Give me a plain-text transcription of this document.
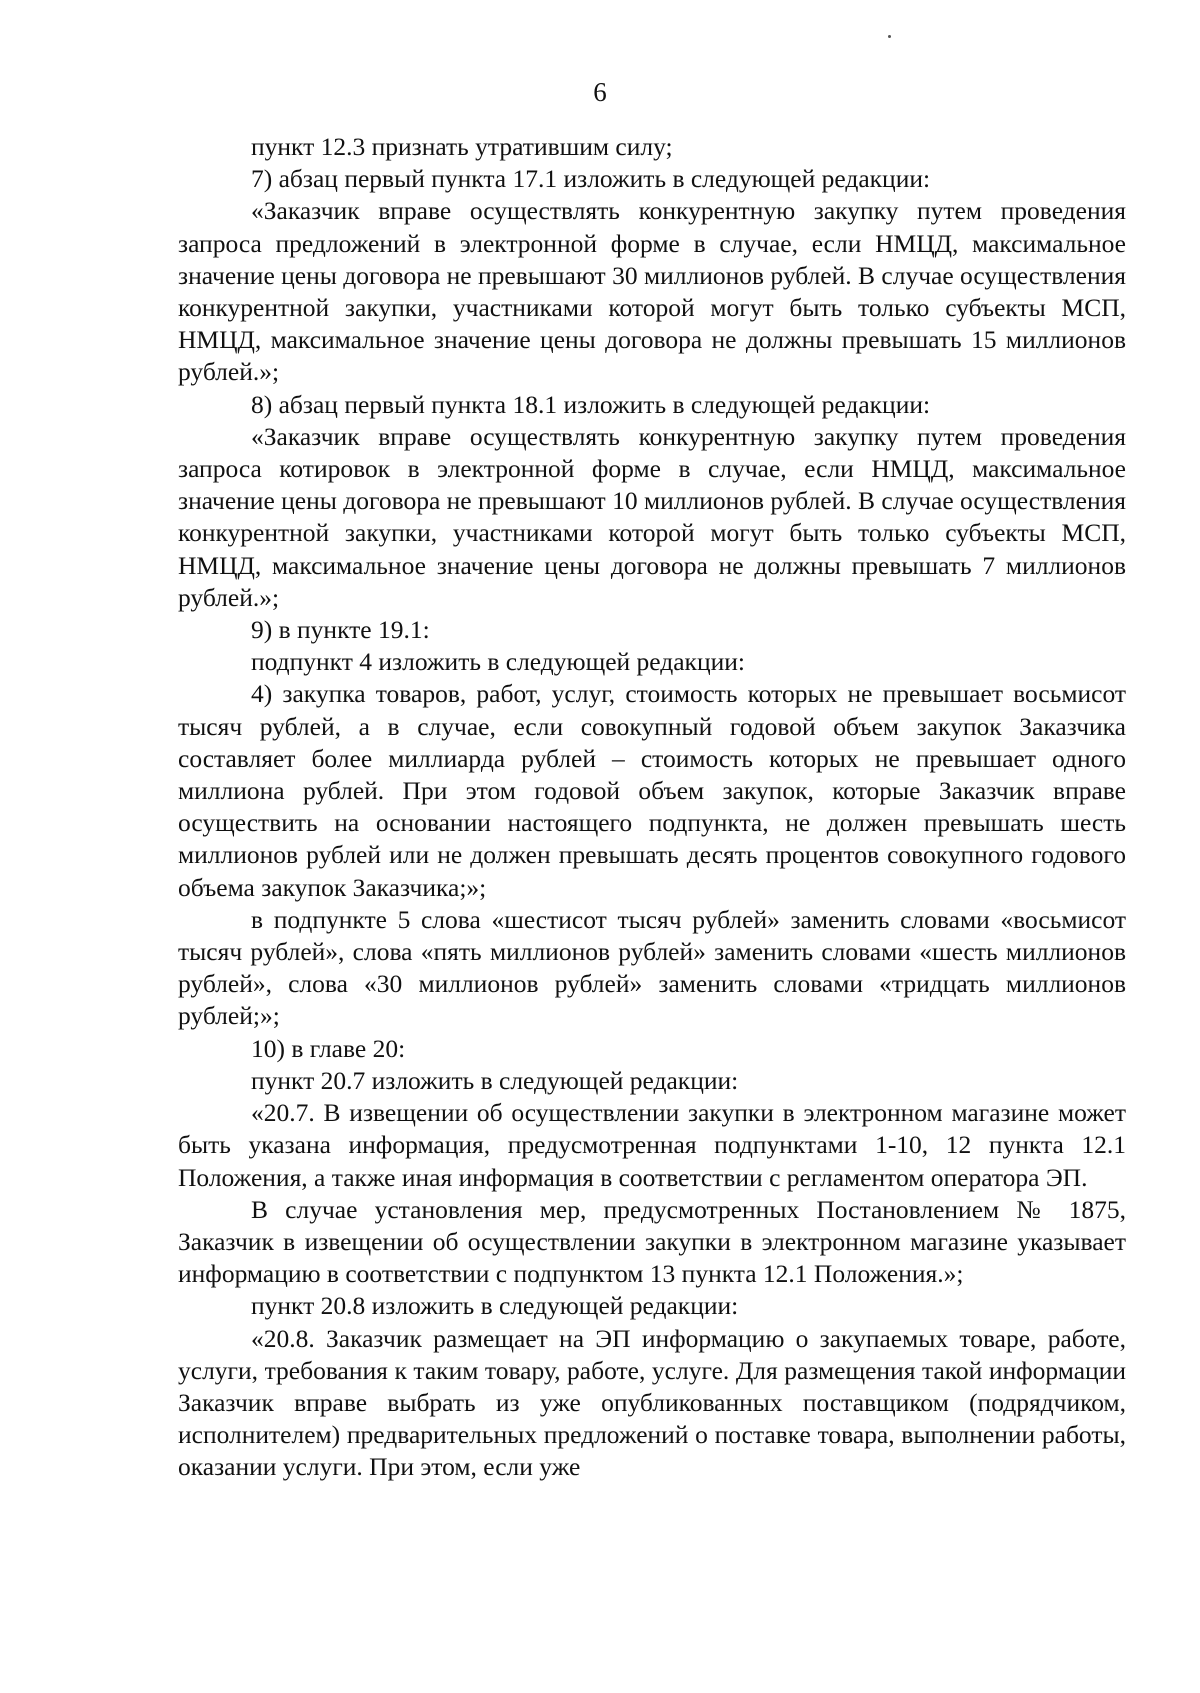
6

пункт 12.3 признать утратившим силу;

7) абзац первый пункта 17.1 изложить в следующей редакции:

«Заказчик вправе осуществлять конкурентную закупку путем проведения запроса предложений в электронной форме в случае, если НМЦД, максимальное значение цены договора не превышают 30 миллионов рублей. В случае осуществления конкурентной закупки, участниками которой могут быть только субъекты МСП, НМЦД, максимальное значение цены договора не должны превышать 15 миллионов рублей.»;

8) абзац первый пункта 18.1 изложить в следующей редакции:

«Заказчик вправе осуществлять конкурентную закупку путем проведения запроса котировок в электронной форме в случае, если НМЦД, максимальное значение цены договора не превышают 10 миллионов рублей. В случае осуществления конкурентной закупки, участниками которой могут быть только субъекты МСП, НМЦД, максимальное значение цены договора не должны превышать 7 миллионов рублей.»;

9) в пункте 19.1:

подпункт 4 изложить в следующей редакции:

4) закупка товаров, работ, услуг, стоимость которых не превышает восьмисот тысяч рублей, а в случае, если совокупный годовой объем закупок Заказчика составляет более миллиарда рублей – стоимость которых не превышает одного миллиона рублей. При этом годовой объем закупок, которые Заказчик вправе осуществить на основании настоящего подпункта, не должен превышать шесть миллионов рублей или не должен превышать десять процентов совокупного годового объема закупок Заказчика;»;

в подпункте 5 слова «шестисот тысяч рублей» заменить словами «восьмисот тысяч рублей», слова «пять миллионов рублей» заменить словами «шесть миллионов рублей», слова «30 миллионов рублей» заменить словами «тридцать миллионов рублей;»;

10) в главе 20:

пункт 20.7 изложить в следующей редакции:

«20.7. В извещении об осуществлении закупки в электронном магазине может быть указана информация, предусмотренная подпунктами 1-10, 12 пункта 12.1 Положения, а также иная информация в соответствии с регламентом оператора ЭП.

В случае установления мер, предусмотренных Постановлением № 1875, Заказчик в извещении об осуществлении закупки в электронном магазине указывает информацию в соответствии с подпунктом 13 пункта 12.1 Положения.»;

пункт 20.8 изложить в следующей редакции:

«20.8. Заказчик размещает на ЭП информацию о закупаемых товаре, работе, услуги, требования к таким товару, работе, услуге. Для размещения такой информации Заказчик вправе выбрать из уже опубликованных поставщиком (подрядчиком, исполнителем) предварительных предложений о поставке товара, выполнении работы, оказании услуги. При этом, если уже
